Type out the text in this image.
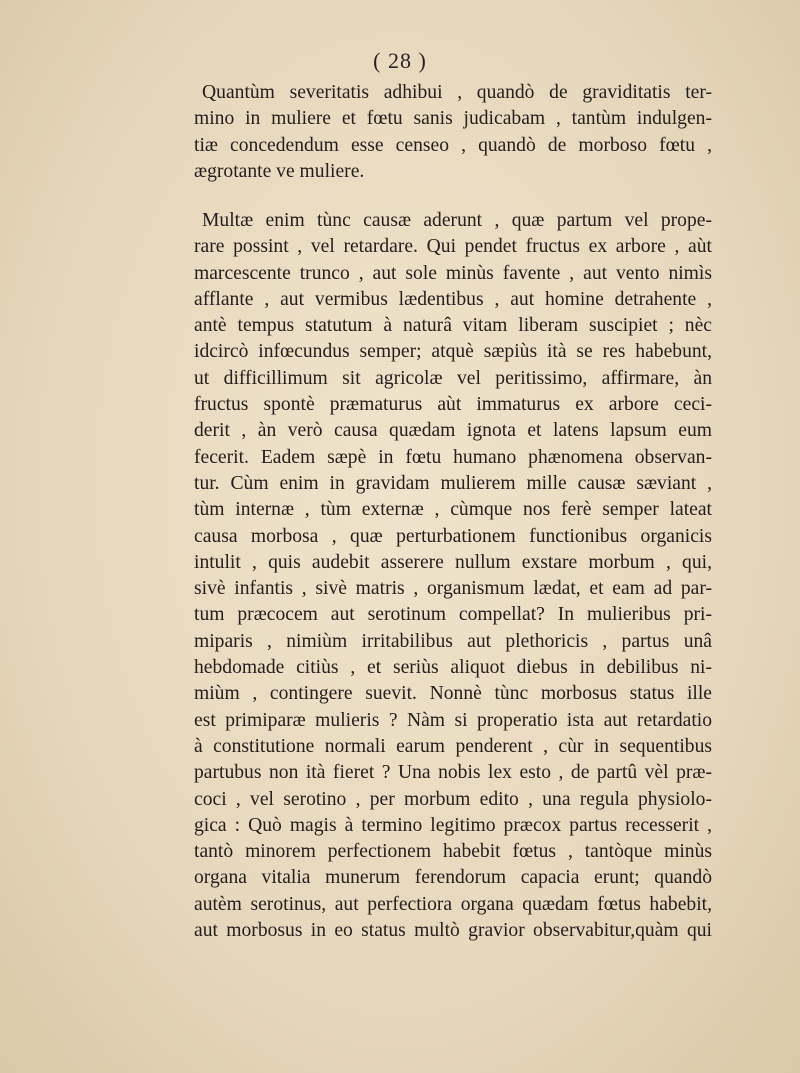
( 28 )
Quantùm severitatis adhibui , quandò de graviditatis ter-
mino in muliere et fœtu sanis judicabam , tantùm indulgen-
tiæ concedendum esse censeo , quandò de morboso fœtu ,
ægrotante ve muliere.
Multæ enim tùnc causæ aderunt , quæ partum vel prope-
rare possint , vel retardare. Qui pendet fructus ex arbore , aùt
marcescente trunco , aut sole minùs favente , aut vento nimìs
afflante , aut vermibus lædentibus , aut homine detrahente ,
antè tempus statutum à naturâ vitam liberam suscipiet ; nèc
idcircò infœcundus semper; atquè sæpiùs ità se res habebunt,
ut difficillimum sit agricolæ vel peritissimo, affirmare, àn
fructus spontè præmaturus aùt immaturus ex arbore ceci-
derit , àn verò causa quædam ignota et latens lapsum eum
fecerit. Eadem sæpè in fœtu humano phænomena observan-
tur. Cùm enim in gravidam mulierem mille causæ sæviant ,
tùm internæ , tùm externæ , cùmque nos ferè semper lateat
causa morbosa , quæ perturbationem functionibus organicis
intulit , quis audebit asserere nullum exstare morbum , qui,
sivè infantis , sivè matris , organismum lædat, et eam ad par-
tum præcocem aut serotinum compellat? In mulieribus pri-
miparis , nimiùm irritabilibus aut plethoricis , partus unâ
hebdomade citiùs , et seriùs aliquot diebus in debilibus ni-
miùm , contingere suevit. Nonnè tùnc morbosus status ille
est primiparæ mulieris ? Nàm si properatio ista aut retardatio
à constitutione normali earum penderent , cùr in sequentibus
partubus non ità fieret ? Una nobis lex esto , de partû vèl præ-
coci , vel serotino , per morbum edito , una regula physiolo-
gica : Quò magis à termino legitimo præcox partus recesserit ,
tantò minorem perfectionem habebit fœtus , tantòque minùs
organa vitalia munerum ferendorum capacia erunt; quandò
autèm serotinus, aut perfectiora organa quædam fœtus habebit,
aut morbosus in eo status multò gravior observabitur,quàm qui
